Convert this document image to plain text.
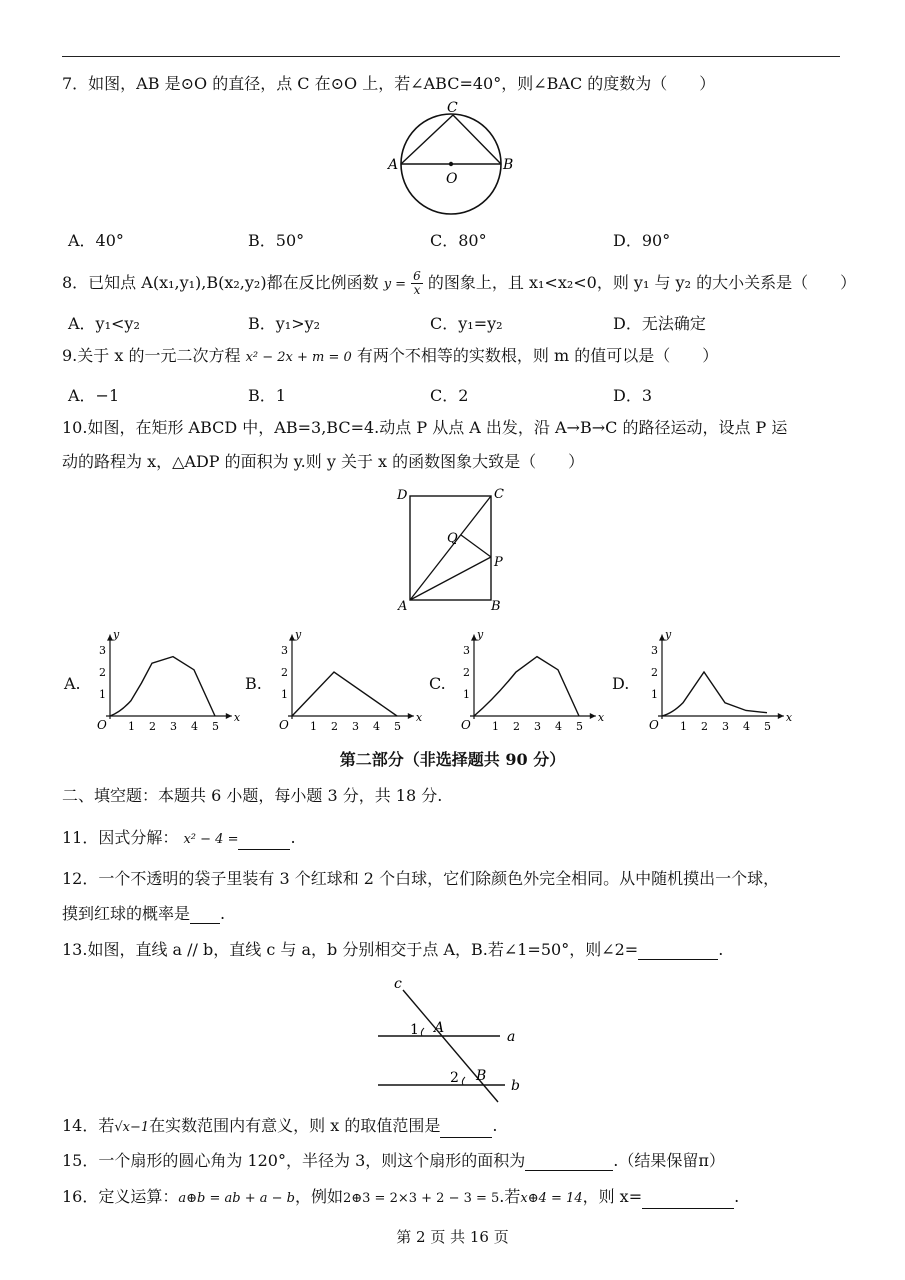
7．如图，AB 是⊙O 的直径，点 C 在⊙O 上，若∠ABC=40°，则∠BAC 的度数为（　　）
C
A	B
O
A．40°	B．50°	C．80°	D．90°
8．已知点 A(x₁,y₁),B(x₂,y₂)都在反比例函数 $y = \frac{6}{x}$ 的图象上，且 x₁<x₂<0，则 y₁ 与 y₂ 的大小关系是（　　）
A．y₁<y₂	B．y₁>y₂	C．y₁=y₂	D．无法确定
9.关于 x 的一元二次方程 x² − 2x + m = 0 有两个不相等的实数根，则 m 的值可以是（　　）
A．−1	B．1	C．2	D．3
10.如图，在矩形 ABCD 中，AB=3,BC=4.动点 P 从点 A 出发，沿 A→B→C 的路径运动，设点 P 运
动的路程为 x，△ADP 的面积为 y.则 y 关于 x 的函数图象大致是（　　）
D	C
Q
P
A	B
A.	B.	C.	D.
y
x
O
3
2
1
1 2 3 4 5
y
x
O
3
2
1
1 2 3 4 5
y
x
O
3
2
1
1 2 3 4 5
y
x
O
3
2
1
1 2 3 4 5
第二部分（非选择题共 90 分）
二、填空题：本题共 6 小题，每小题 3 分，共 18 分.
11．因式分解： x² − 4 =	.
12．一个不透明的袋子里装有 3 个红球和 2 个白球，它们除颜色外完全相同。从中随机摸出一个球，
摸到红球的概率是 .
13.如图，直线 a // b，直线 c 与 a，b 分别相交于点 A，B.若∠1=50°，则∠2=	.
c
1 A
a
2 B
b
14．若√x−1在实数范围内有意义，则 x 的取值范围是	.
15．一个扇形的圆心角为 120°，半径为 3，则这个扇形的面积为	.（结果保留π）
16．定义运算：a⊕b = ab + a − b，例如2⊕3 = 2×3 + 2 − 3 = 5.若x⊕4 = 14，则 x=	.
第 2 页 共 16 页
